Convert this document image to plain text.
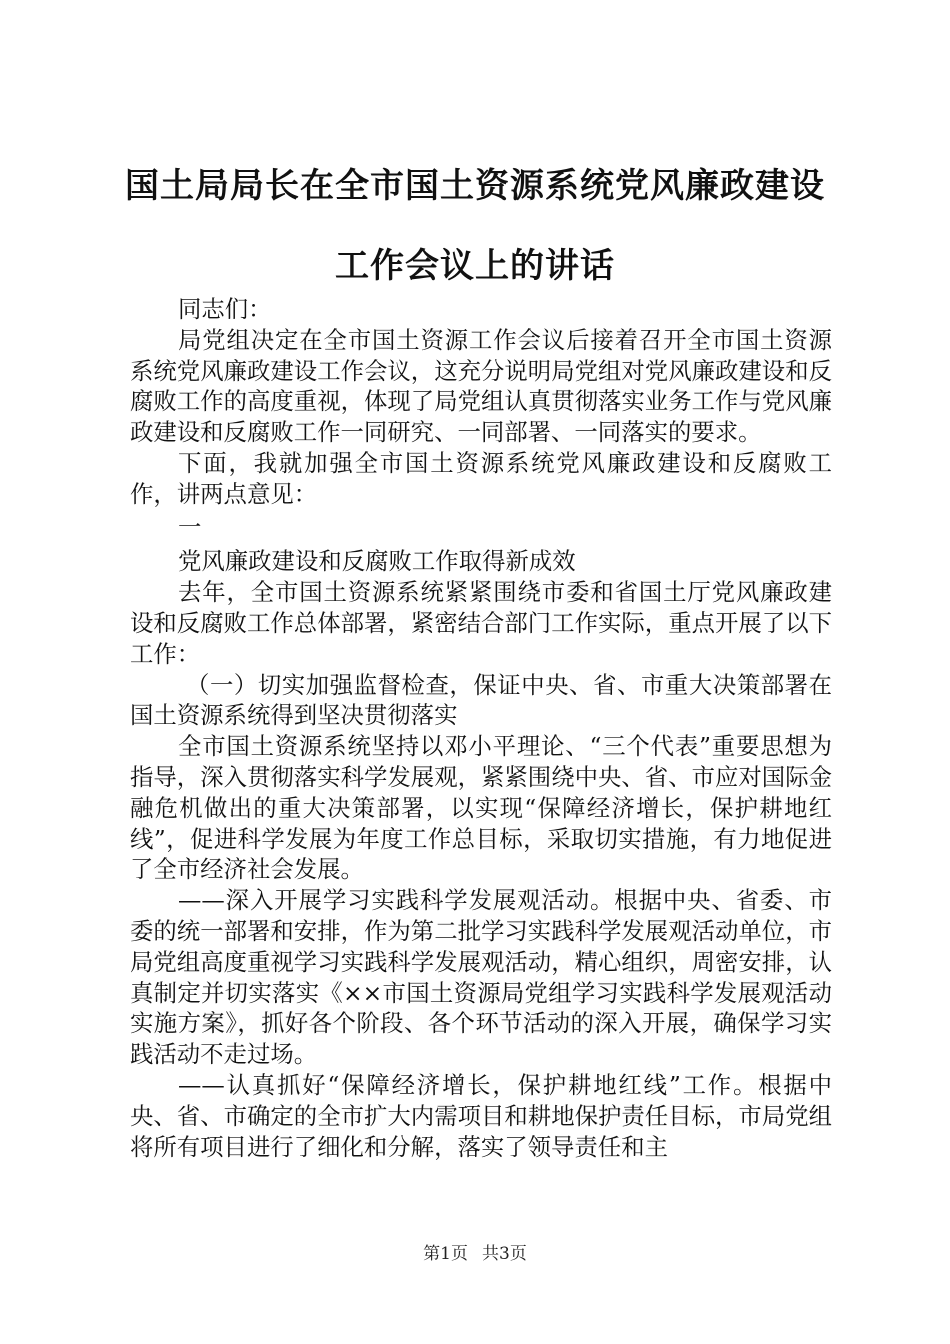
国土局局长在全市国土资源系统党风廉政建设
工作会议上的讲话

同志们：

局党组决定在全市国土资源工作会议后接着召开全市国土资源系统党风廉政建设工作会议，这充分说明局党组对党风廉政建设和反腐败工作的高度重视，体现了局党组认真贯彻落实业务工作与党风廉政建设和反腐败工作一同研究、一同部署、一同落实的要求。

下面，我就加强全市国土资源系统党风廉政建设和反腐败工作，讲两点意见：

一

党风廉政建设和反腐败工作取得新成效

去年，全市国土资源系统紧紧围绕市委和省国土厅党风廉政建设和反腐败工作总体部署，紧密结合部门工作实际，重点开展了以下工作：

（一）切实加强监督检查，保证中央、省、市重大决策部署在国土资源系统得到坚决贯彻落实

全市国土资源系统坚持以邓小平理论、“三个代表”重要思想为指导，深入贯彻落实科学发展观，紧紧围绕中央、省、市应对国际金融危机做出的重大决策部署，以实现“保障经济增长，保护耕地红线”，促进科学发展为年度工作总目标，采取切实措施，有力地促进了全市经济社会发展。

——深入开展学习实践科学发展观活动。根据中央、省委、市委的统一部署和安排，作为第二批学习实践科学发展观活动单位，市局党组高度重视学习实践科学发展观活动，精心组织，周密安排，认真制定并切实落实《××市国土资源局党组学习实践科学发展观活动实施方案》，抓好各个阶段、各个环节活动的深入开展，确保学习实践活动不走过场。

——认真抓好“保障经济增长，保护耕地红线”工作。根据中央、省、市确定的全市扩大内需项目和耕地保护责任目标，市局党组将所有项目进行了细化和分解，落实了领导责任和主

第1页 共3页
